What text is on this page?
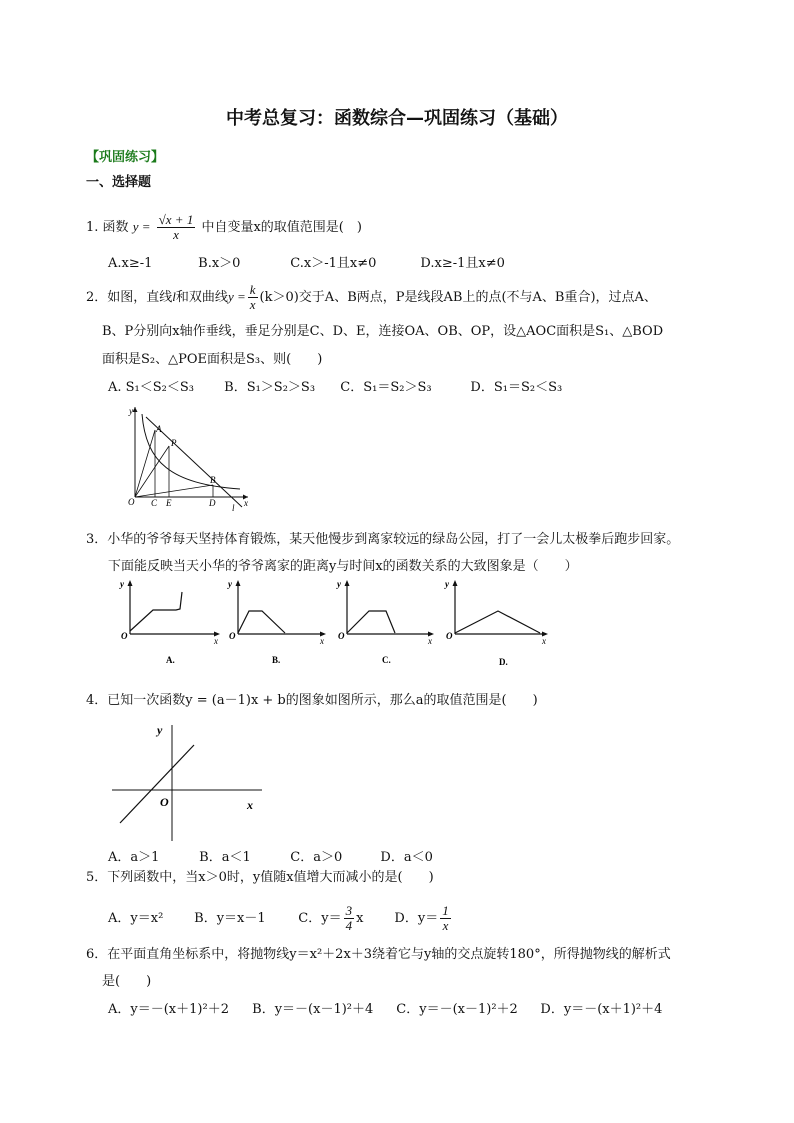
中考总复习：函数综合—巩固练习（基础）
【巩固练习】
一、选择题
1. 函数 $y = \frac{√x + 1}{x}$ 中自变量x的取值范围是(　)
A.x≥-1	B.x＞0	C.x＞-1且x≠0	D.x≥-1且x≠0
2．如图，直线l和双曲线$y = \frac{k}{x} (k>0)$交于A、B两点，P是线段AB上的点(不与A、B重合)，过点A、
B、P分别向x轴作垂线，垂足分别是C、D、E，连接OA、OB、OP，设△AOC面积是S₁、△BOD
面积是S₂、△POE面积是S₃、则(　　)
A. S₁＜S₂＜S₃ B．S₁＞S₂＞S₃ C．S₁＝S₂＞S₃	D．S₁＝S₂＜S₃
y
x
O
A
P
B
C E	D l
3．小华的爷爷每天坚持体育锻炼，某天他慢步到离家较远的绿岛公园，打了一会儿太极拳后跑步回家。
下面能反映当天小华的爷爷离家的距离y与时间x的函数关系的大致图象是（　　）
y
x
O
A.
y
x
O
B.
y
x
O
C.
y
x
O
D.
4．已知一次函数y = (a－1)x + b的图象如图所示，那么a的取值范围是(　　)
y
x
O
A．a＞1	B．a＜1	C．a＞0	D．a＜0
5．下列函数中，当x＞0时，y值随x值增大而减小的是(　　)
A．y＝x² B．y＝x－1	C．$y= \frac{3}{4}$ x D．$y= \frac{1}{x}$
6．在平面直角坐标系中，将抛物线y＝x²＋2x＋3绕着它与y轴的交点旋转180°，所得抛物线的解析式
是(　　)
A．y＝－(x＋1)²＋2 B．y＝－(x－1)²＋4 C．y＝－(x－1)²＋2 D．y＝－(x＋1)²＋4
